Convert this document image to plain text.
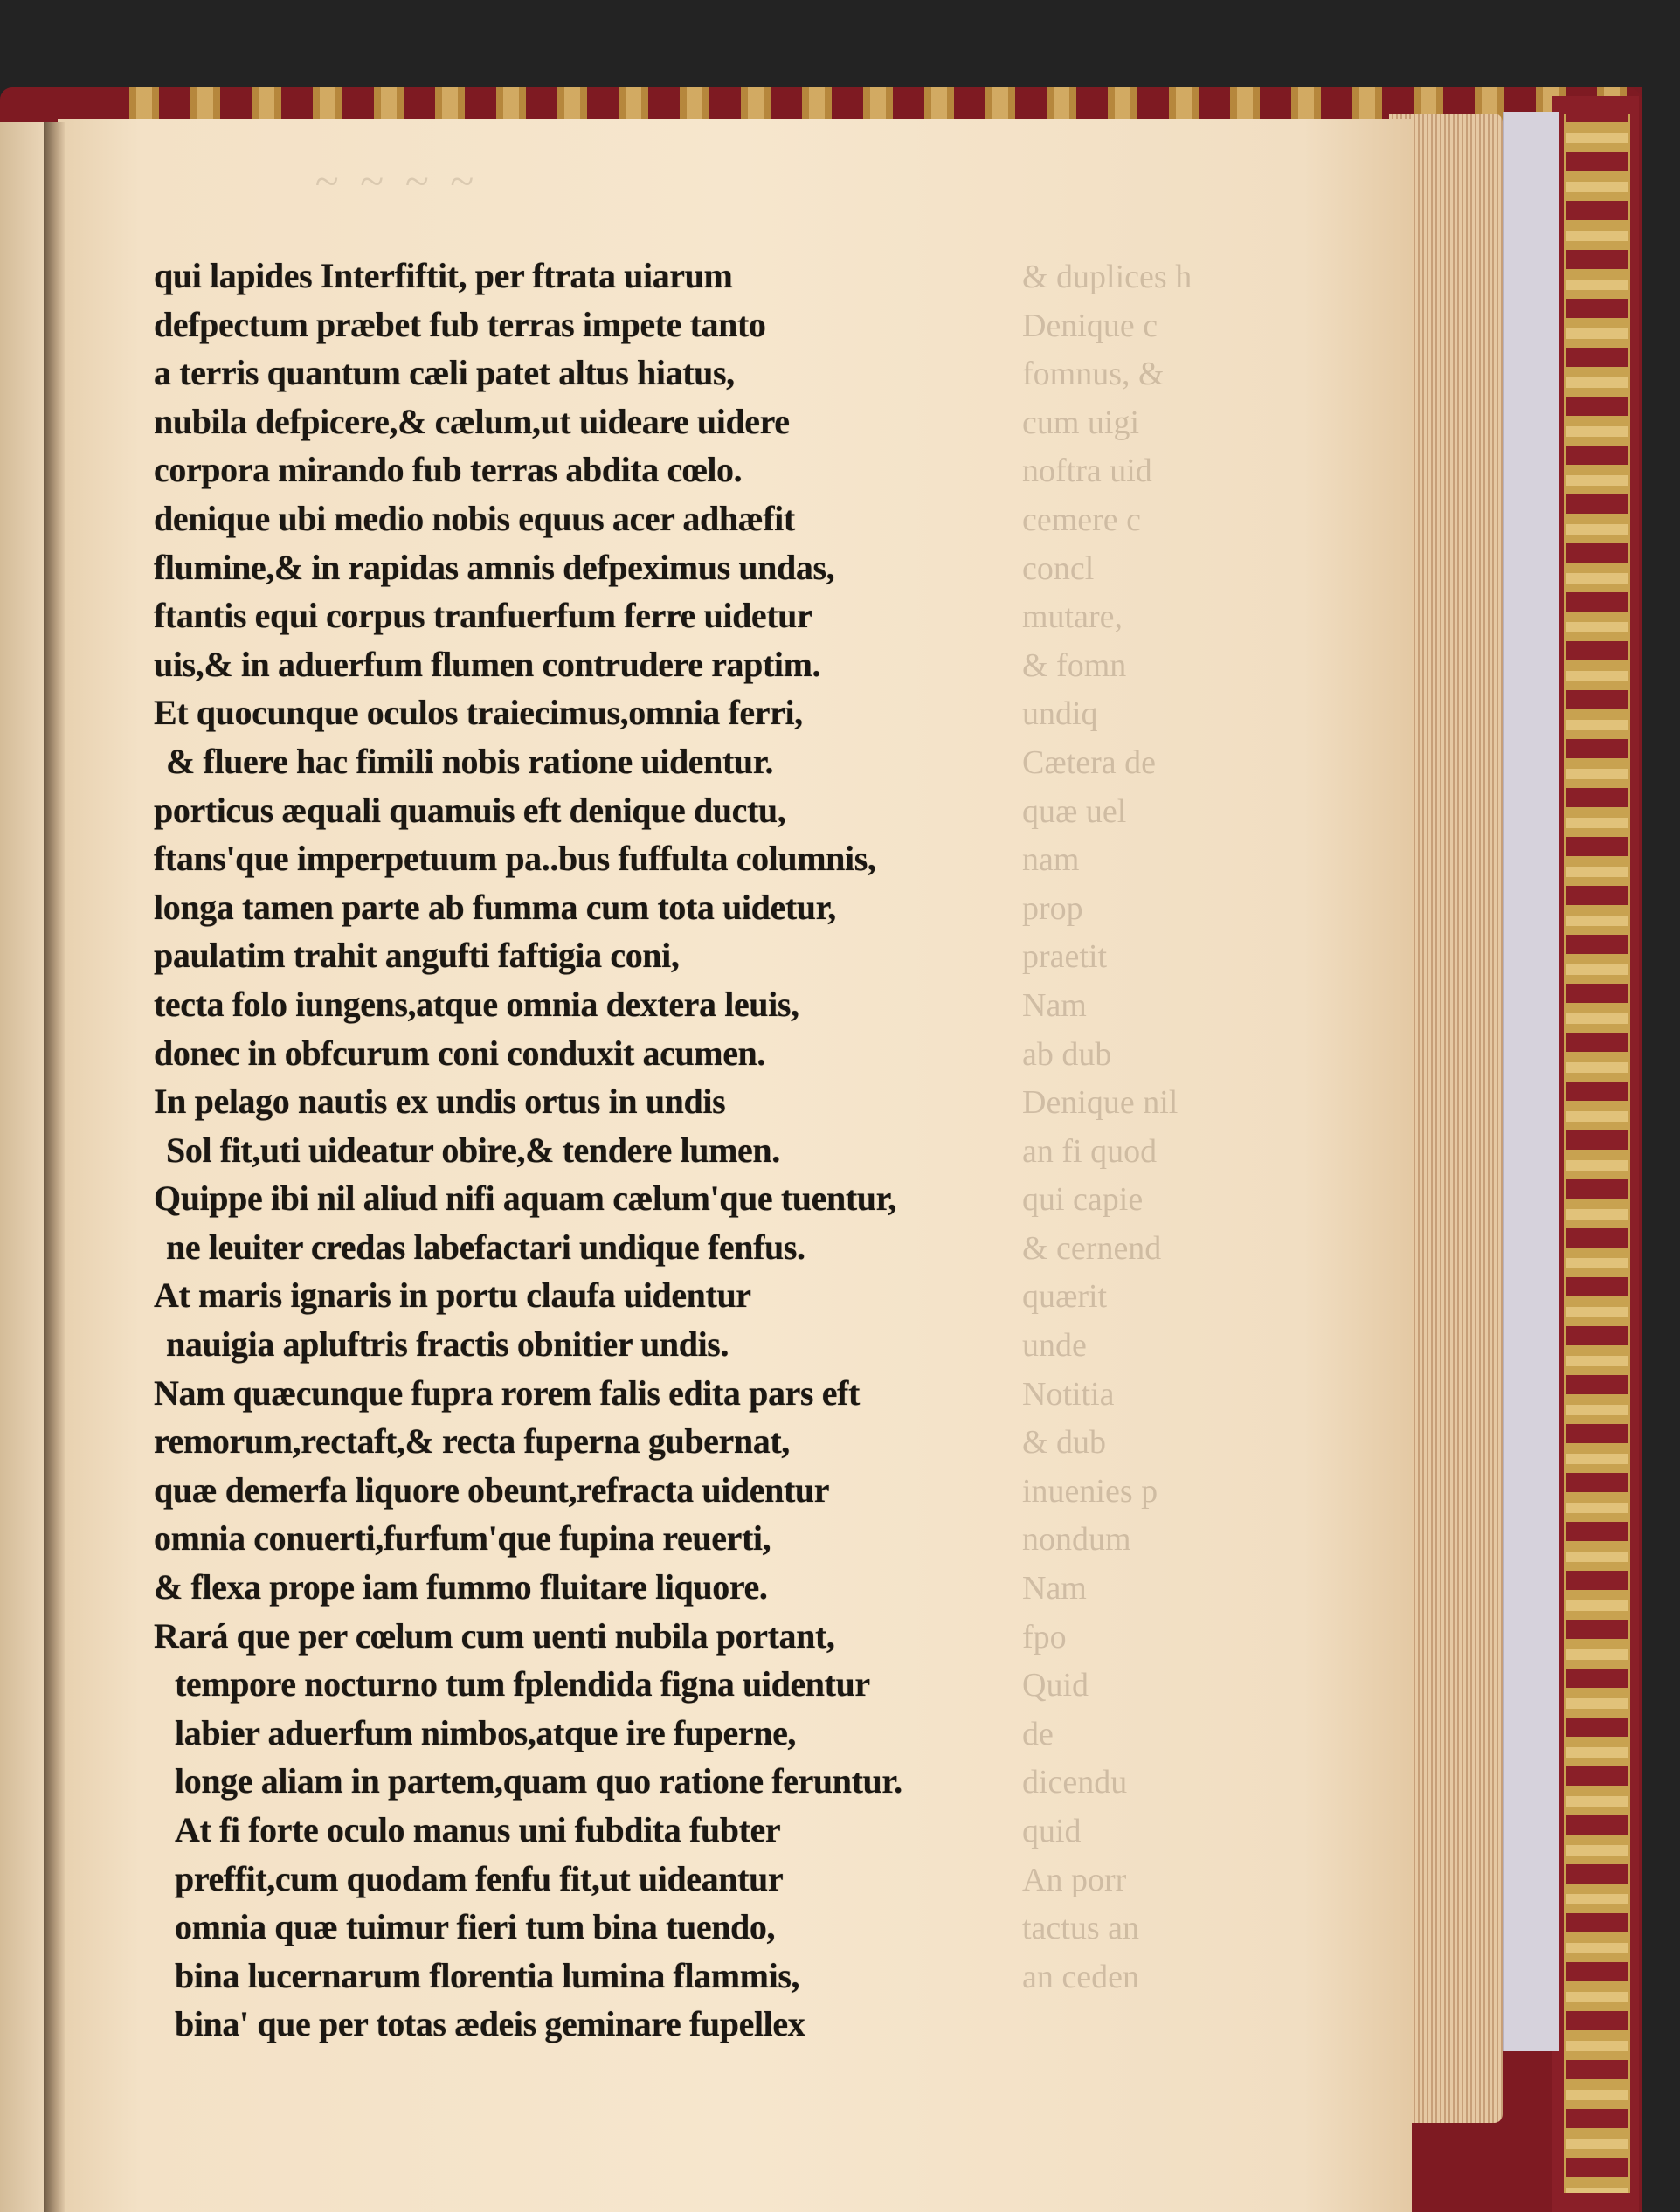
~ ~ ~ ~
& duplices h
Denique c
fomnus, &
cum uigi
noftra uid
cemere c
concl
mutare,
& fomn
undiq
Cætera de
quæ uel
nam
prop
praetit
Nam
ab dub
Denique nil
an fi quod
qui capie
& cernend
quærit
unde
Notitia
& dub
inuenies p
nondum
Nam
fpo
Quid
de
dicendu
quid
An porr
tactus an
an ceden
qui lapides Interfiftit, per ftrata uiarum
defpectum præbet fub terras impete tanto
a terris quantum cæli patet altus hiatus,
nubila defpicere,& cælum,ut uideare uidere
corpora mirando fub terras abdita cœlo.
denique ubi medio nobis equus acer adhæfit
flumine,& in rapidas amnis defpeximus undas,
ftantis equi corpus tranfuerfum ferre uidetur
uis,& in aduerfum flumen contrudere raptim.
Et quocunque oculos traiecimus,omnia ferri,
& fluere hac fimili nobis ratione uidentur.
porticus æquali quamuis eft denique ductu,
ftans'que imperpetuum pa..bus fuffulta columnis,
longa tamen parte ab fumma cum tota uidetur,
paulatim trahit angufti faftigia coni,
tecta folo iungens,atque omnia dextera leuis,
donec in obfcurum coni conduxit acumen.
In pelago nautis ex undis ortus in undis
Sol fit,uti uideatur obire,& tendere lumen.
Quippe ibi nil aliud nifi aquam cælum'que tuentur,
ne leuiter credas labefactari undique fenfus.
At maris ignaris in portu claufa uidentur
nauigia apluftris fractis obnitier undis.
Nam quæcunque fupra rorem falis edita pars eft
remorum,rectaft,& recta fuperna gubernat,
quæ demerfa liquore obeunt,refracta uidentur
omnia conuerti,furfum'que fupina reuerti,
& flexa prope iam fummo fluitare liquore.
Rará que per cœlum cum uenti nubila portant,
tempore nocturno tum fplendida figna uidentur
labier aduerfum nimbos,atque ire fuperne,
longe aliam in partem,quam quo ratione feruntur.
At fi forte oculo manus uni fubdita fubter
preffit,cum quodam fenfu fit,ut uideantur
omnia quæ tuimur fieri tum bina tuendo,
bina lucernarum florentia lumina flammis,
bina' que per totas ædeis geminare fupellex
